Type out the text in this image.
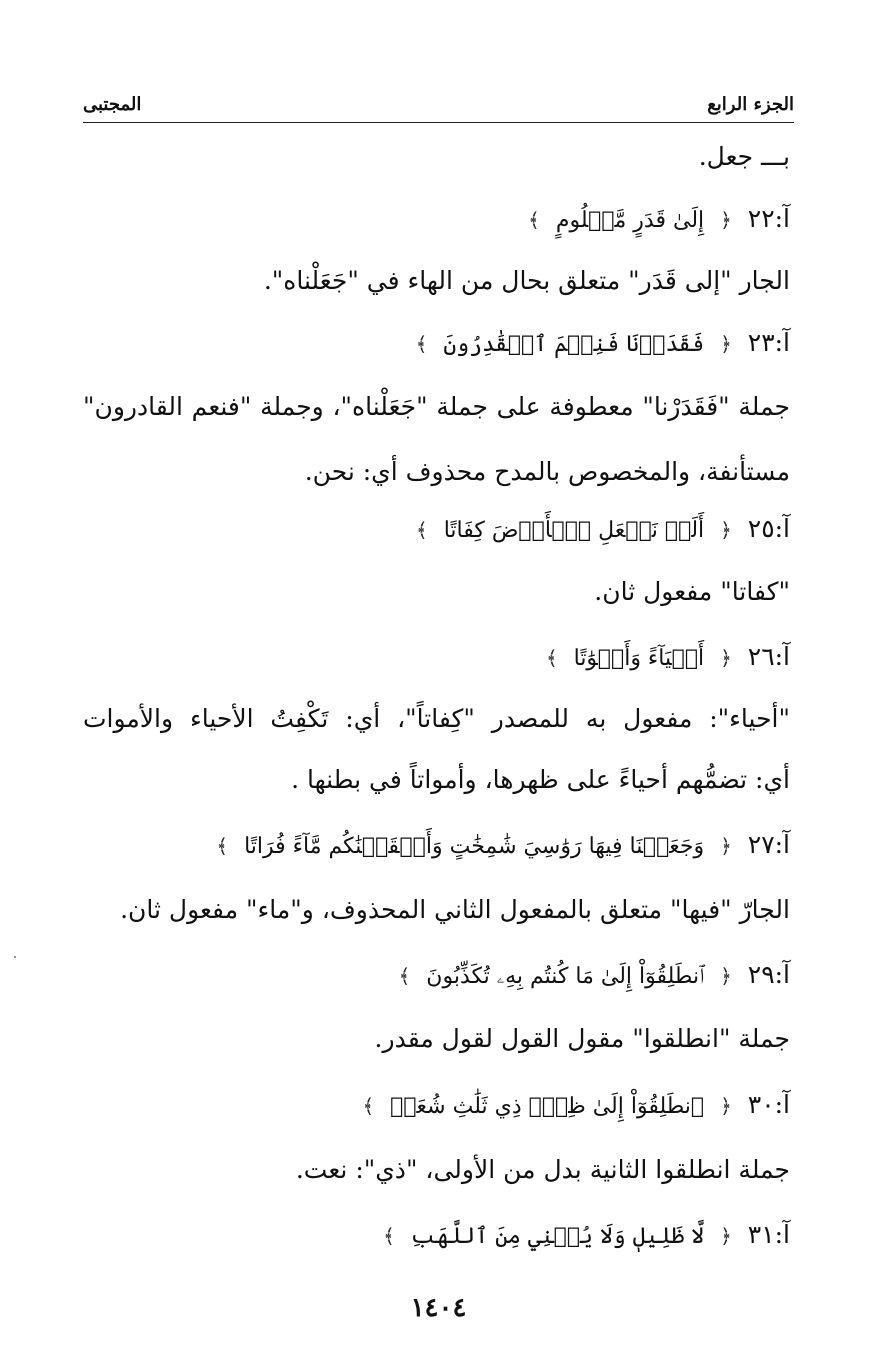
الجزء الرابع
المجتبى
بـــ جعل.
آ:٢٢ ﴿ إِلَىٰ قَدَرٍ مَّعۡلُومٍ ﴾
الجار "إلى قَدَر" متعلق بحال من الهاء في "جَعَلْناه".
آ:٢٣ ﴿ فَقَدَرۡنَا فَنِعۡمَ ٱلۡقَٰدِرُونَ ﴾
جملة "فَقَدَرْنا" معطوفة على جملة "جَعَلْناه"، وجملة "فنعم القادرون"
مستأنفة، والمخصوص بالمدح محذوف أي: نحن.
آ:٢٥ ﴿ أَلَمۡ نَجۡعَلِ ٱلۡأَرۡضَ كِفَاتًا ﴾
"كفاتا" مفعول ثان.
آ:٢٦ ﴿ أَحۡيَآءً وَأَمۡوَٰتًا ﴾
"أحياء": مفعول به للمصدر "كِفاتاً"، أي: تَكْفِتُ الأحياء والأموات
أي: تضمُّهم أحياءً على ظهرها، وأمواتاً في بطنها .
آ:٢٧ ﴿ وَجَعَلۡنَا فِيهَا رَوَٰسِيَ شَٰمِخَٰتٍ وَأَسۡقَيۡنَٰكُم مَّآءً فُرَاتًا ﴾
الجارّ "فيها" متعلق بالمفعول الثاني المحذوف، و"ماء" مفعول ثان.
آ:٢٩ ﴿ ٱنطَلِقُوٓاْ إِلَىٰ مَا كُنتُم بِهِۦ تُكَذِّبُونَ ﴾
جملة "انطلقوا" مقول القول لقول مقدر.
آ:٣٠ ﴿ ٱنطَلِقُوٓاْ إِلَىٰ ظِلّٖ ذِي ثَلَٰثِ شُعَبٖ ﴾
جملة انطلقوا الثانية بدل من الأولى، "ذي": نعت.
آ:٣١ ﴿ لَّا ظَلِيلٖ وَلَا يُغۡنِي مِنَ ٱللَّهَبِ ﴾
١٤٠٤
